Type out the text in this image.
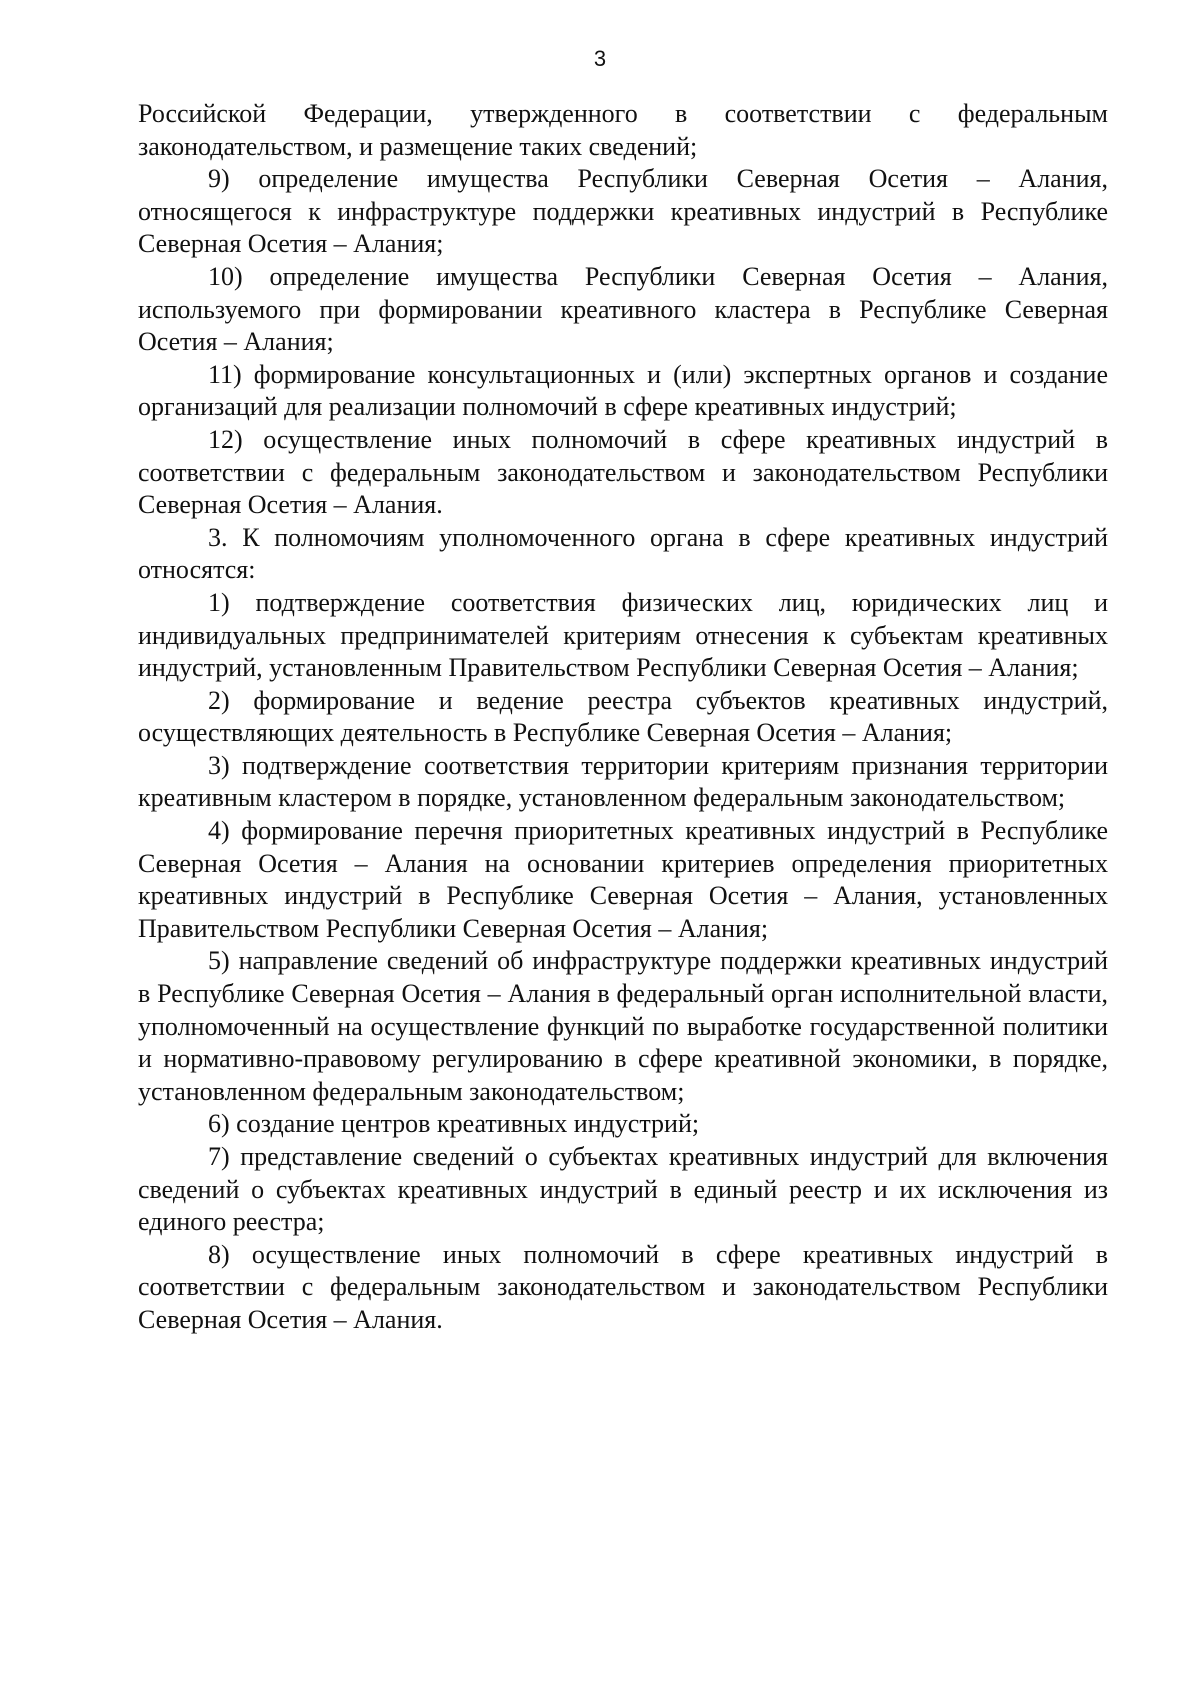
3

Российской Федерации, утвержденного в соответствии с федеральным законодательством, и размещение таких сведений;

9) определение имущества Республики Северная Осетия – Алания, относящегося к инфраструктуре поддержки креативных индустрий в Республике Северная Осетия – Алания;

10) определение имущества Республики Северная Осетия – Алания, используемого при формировании креативного кластера в Республике Северная Осетия – Алания;

11) формирование консультационных и (или) экспертных органов и создание организаций для реализации полномочий в сфере креативных индустрий;

12) осуществление иных полномочий в сфере креативных индустрий в соответствии с федеральным законодательством и законодательством Республики Северная Осетия – Алания.

3. К полномочиям уполномоченного органа в сфере креативных индустрий относятся:

1) подтверждение соответствия физических лиц, юридических лиц и индивидуальных предпринимателей критериям отнесения к субъектам креативных индустрий, установленным Правительством Республики Северная Осетия – Алания;

2) формирование и ведение реестра субъектов креативных индустрий, осуществляющих деятельность в Республике Северная Осетия – Алания;

3) подтверждение соответствия территории критериям признания территории креативным кластером в порядке, установленном федеральным законодательством;

4) формирование перечня приоритетных креативных индустрий в Республике Северная Осетия – Алания на основании критериев определения приоритетных креативных индустрий в Республике Северная Осетия – Алания, установленных Правительством Республики Северная Осетия – Алания;

5) направление сведений об инфраструктуре поддержки креативных индустрий в Республике Северная Осетия – Алания в федеральный орган исполнительной власти, уполномоченный на осуществление функций по выработке государственной политики и нормативно-правовому регулированию в сфере креативной экономики, в порядке, установленном федеральным законодательством;

6) создание центров креативных индустрий;

7) представление сведений о субъектах креативных индустрий для включения сведений о субъектах креативных индустрий в единый реестр и их исключения из единого реестра;

8) осуществление иных полномочий в сфере креативных индустрий в соответствии с федеральным законодательством и законодательством Республики Северная Осетия – Алания.
